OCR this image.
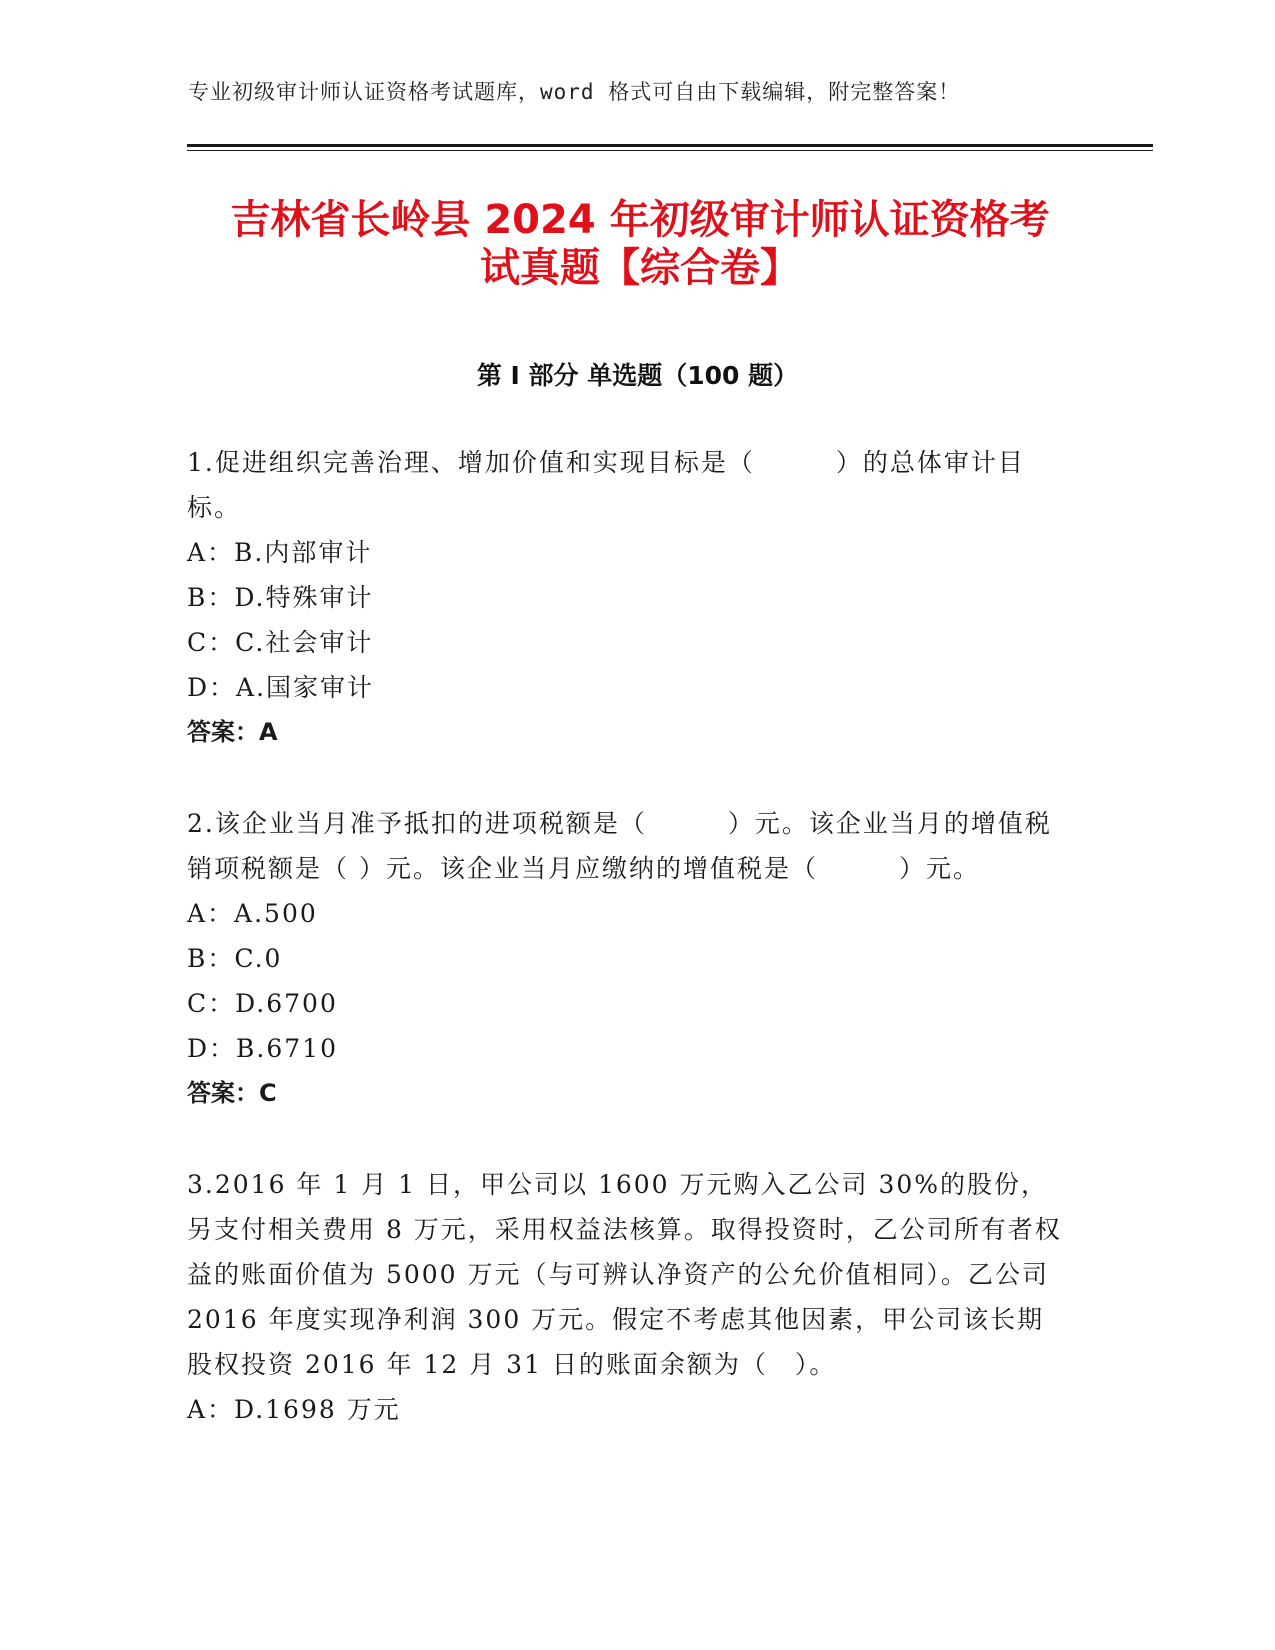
专业初级审计师认证资格考试题库，word 格式可自由下载编辑，附完整答案！
吉林省长岭县 2024 年初级审计师认证资格考
试真题【综合卷】
第 I 部分 单选题（100 题）

1.促进组织完善治理、增加价值和实现目标是（　　　）的总体审计目标。

A：B.内部审计

B：D.特殊审计

C：C.社会审计

D：A.国家审计

答案：A

2.该企业当月准予抵扣的进项税额是（　　　）元。该企业当月的增值税销项税额是（ ）元。该企业当月应缴纳的增值税是（　　　）元。

A：A.500

B：C.0

C：D.6700

D：B.6710

答案：C

3.2016 年 1 月 1 日，甲公司以 1600 万元购入乙公司 30%的股份，另支付相关费用 8 万元，采用权益法核算。取得投资时，乙公司所有者权益的账面价值为 5000 万元（与可辨认净资产的公允价值相同）。乙公司 2016 年度实现净利润 300 万元。假定不考虑其他因素，甲公司该长期股权投资 2016 年 12 月 31 日的账面余额为（　）。

A：D.1698 万元
